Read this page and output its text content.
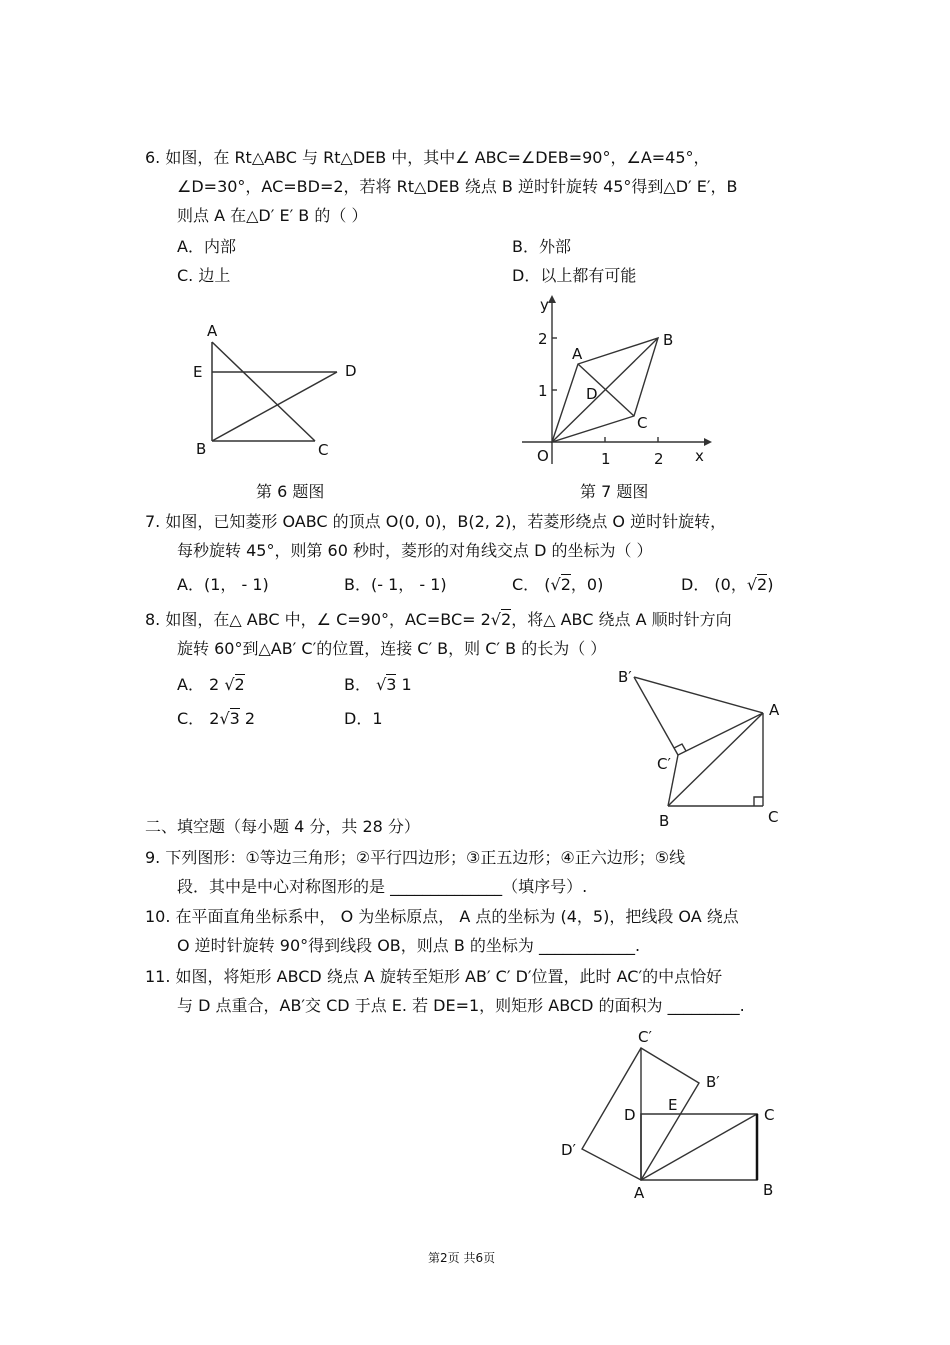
6. 如图，在 Rt△ABC 与 Rt△DEB 中，其中∠ ABC=∠DEB=90°，∠A=45°，
∠D=30°，AC=BD=2，若将 Rt△DEB 绕点 B 逆时针旋转 45°得到△D′ E′，B
则点 A 在△D′ E′ B 的（ ）
A．内部	B．外部
C. 边上	D．以上都有可能
A
E	D
B	C
第 6 题图
y
2
1
A
B
D
C
O	1	2 x
第 7 题图
7. 如图，已知菱形 OABC 的顶点 O(0, 0)，B(2, 2)，若菱形绕点 O 逆时针旋转，
每秒旋转 45°，则第 60 秒时，菱形的对角线交点 D 的坐标为（ ）
A．(1， - 1)	B．(- 1， - 1)	C． (√2，0)	D． (0，√2)
8. 如图，在△ ABC 中，∠ C=90°，AC=BC= 2√2，将△ ABC 绕点 A 顺时针方向
旋转 60°到△AB′ C′的位置，连接 C′ B，则 C′ B 的长为（ ）
A． 2 √2	B． √3 1
C． 2√3 2	D．1
B′
A
C′
B	C
二、填空题（每小题 4 分，共 28 分）
9. 下列图形：①等边三角形；②平行四边形；③正五边形；④正六边形；⑤线
段．其中是中心对称图形的是 ______________（填序号）.
10. 在平面直角坐标系中， O 为坐标原点， A 点的坐标为 (4，5)，把线段 OA 绕点
O 逆时针旋转 90°得到线段 OB，则点 B 的坐标为 ____________.
11. 如图，将矩形 ABCD 绕点 A 旋转至矩形 AB′ C′ D′位置，此时 AC′的中点恰好
与 D 点重合，AB′交 CD 于点 E. 若 DE=1，则矩形 ABCD 的面积为 _________.
C′
B′
D
E
C
D′
A	B
第2页 共6页
